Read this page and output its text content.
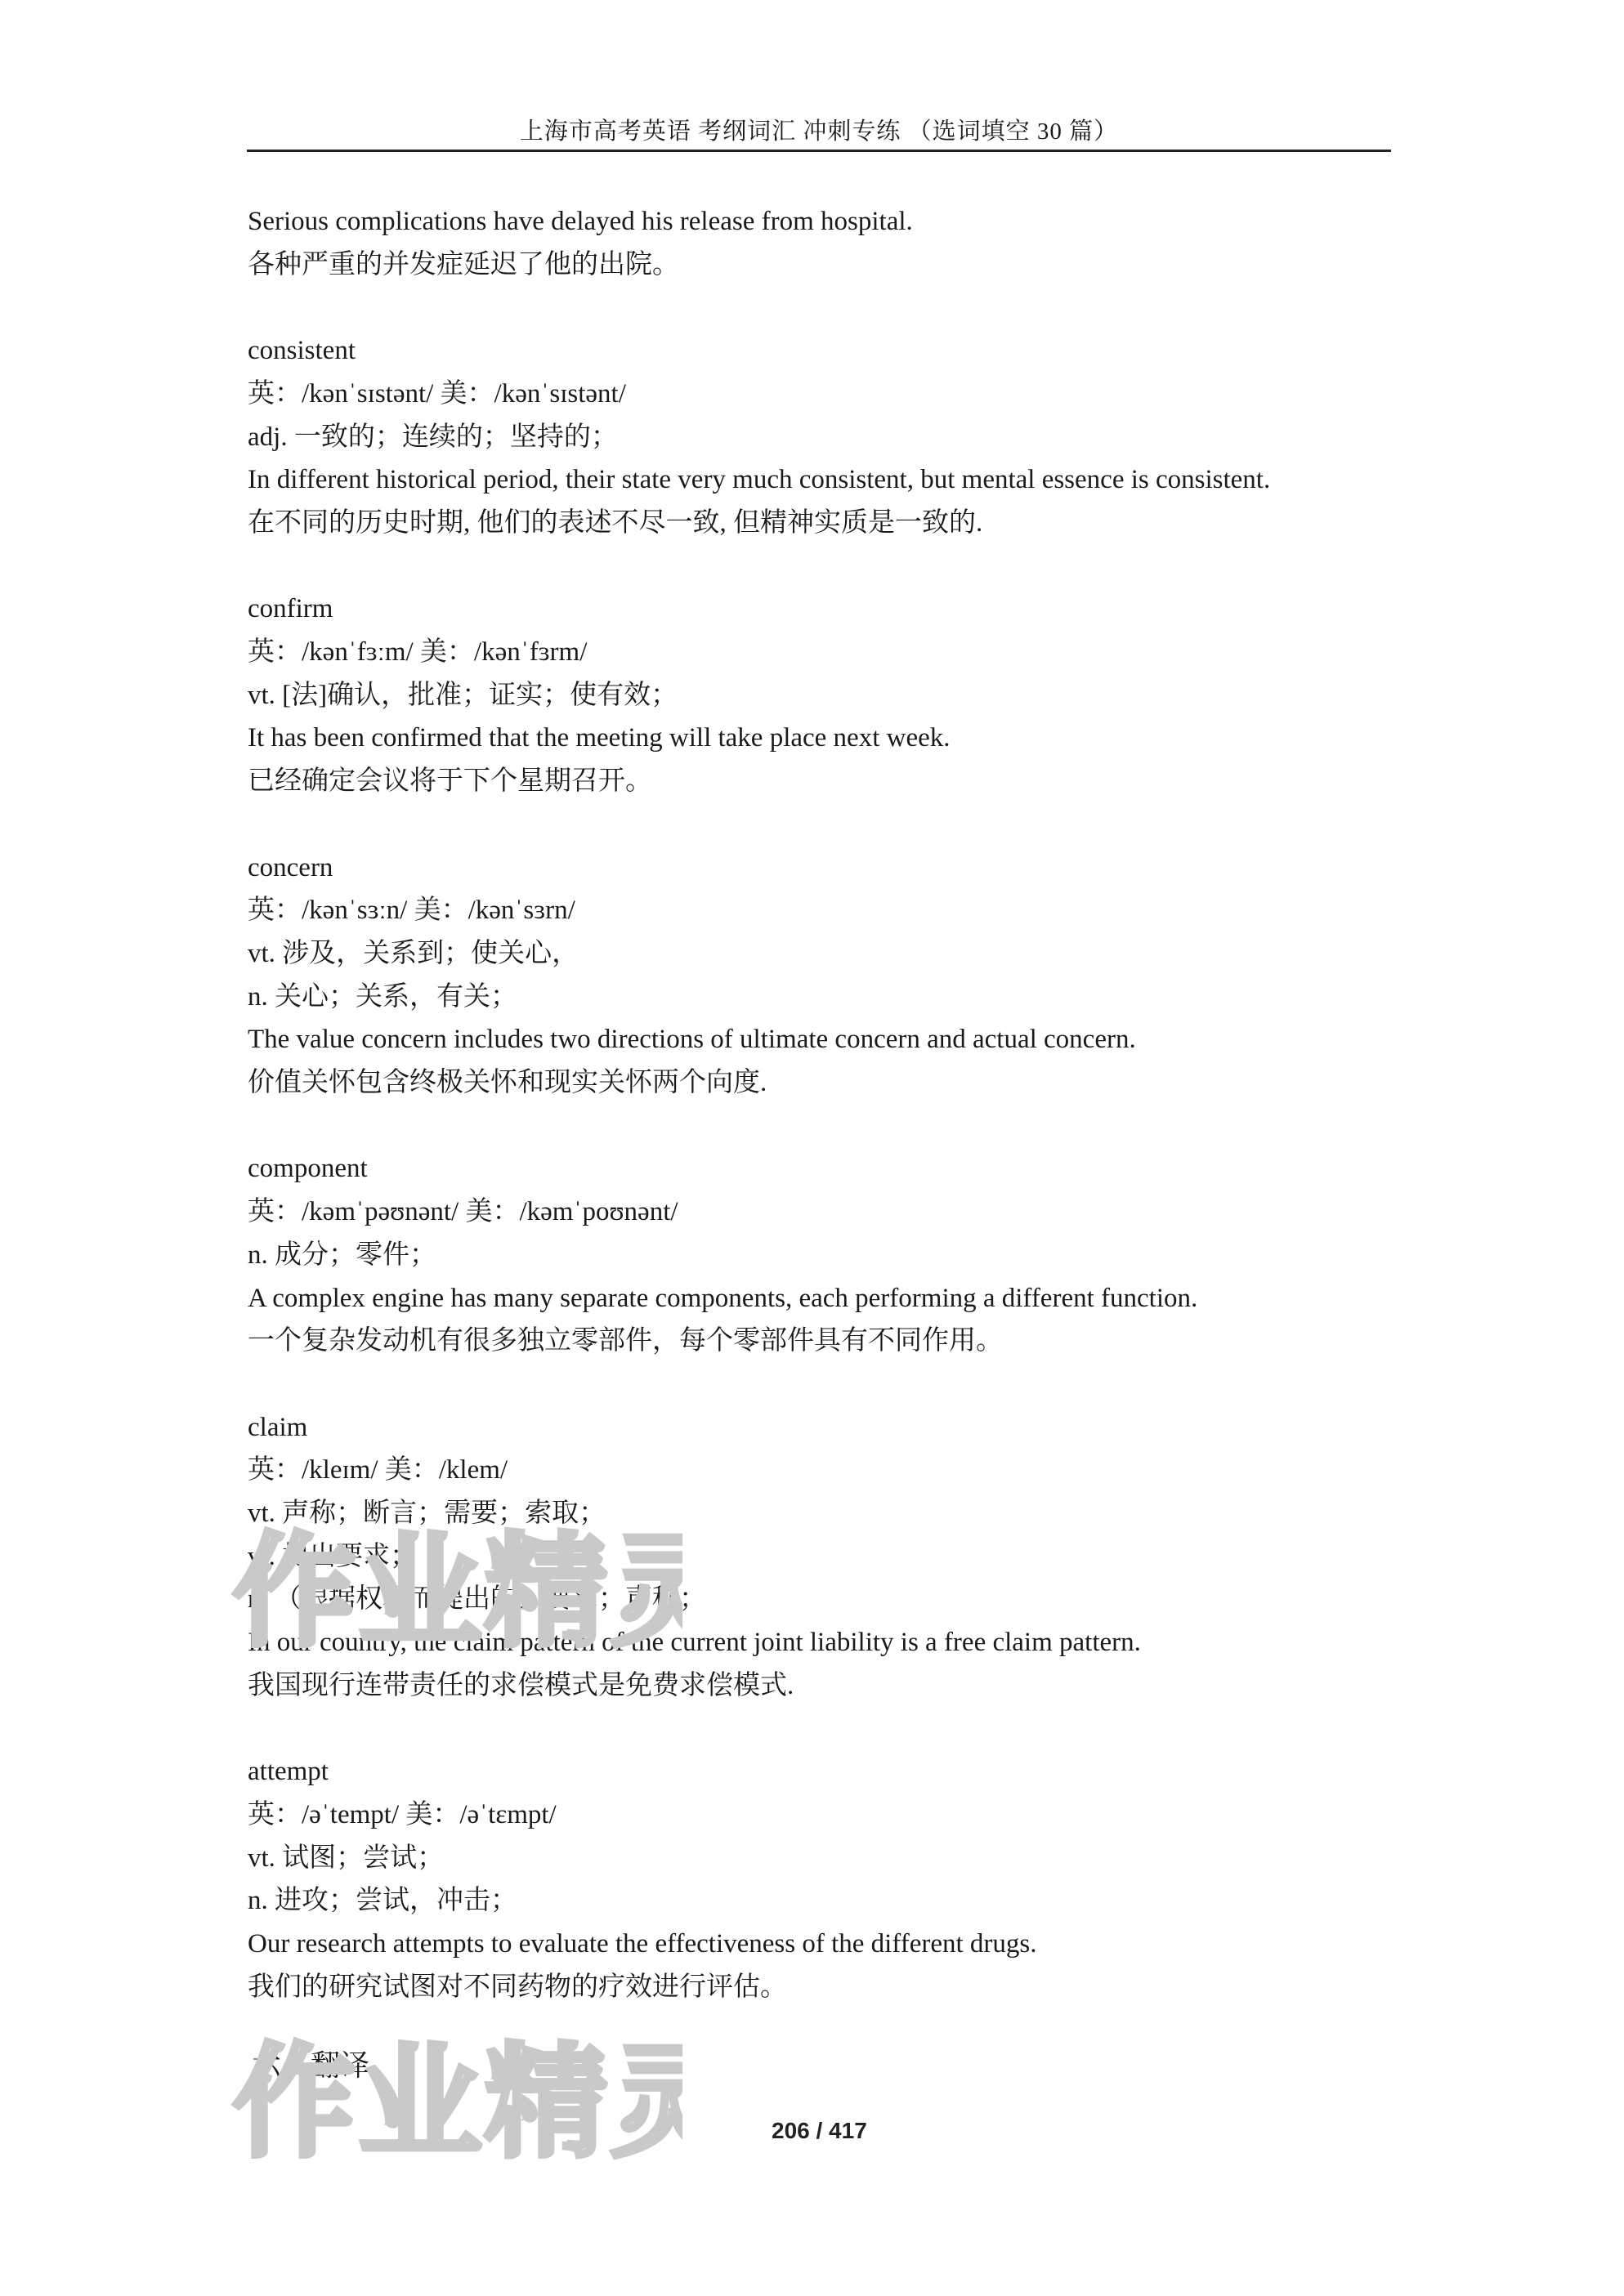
上海市高考英语 考纲词汇 冲刺专练 （选词填空 30 篇）
Serious complications have delayed his release from hospital.
各种严重的并发症延迟了他的出院。
consistent
英：/kənˈsɪstənt/ 美：/kənˈsɪstənt/
adj. 一致的；连续的；坚持的；
In different historical period, their state very much consistent, but mental essence is consistent.
在不同的历史时期, 他们的表述不尽一致, 但精神实质是一致的.
confirm
英：/kənˈfɜːm/ 美：/kənˈfɜrm/
vt. [法]确认，批准；证实；使有效；
It has been confirmed that the meeting will take place next week.
已经确定会议将于下个星期召开。
concern
英：/kənˈsɜːn/ 美：/kənˈsɜrn/
vt. 涉及，关系到；使关心，
n. 关心；关系，有关；
The value concern includes two directions of ultimate concern and actual concern.
价值关怀包含终极关怀和现实关怀两个向度.
component
英：/kəmˈpəʊnənt/ 美：/kəmˈpoʊnənt/
n. 成分；零件；
A complex engine has many separate components, each performing a different function.
一个复杂发动机有很多独立零部件，每个零部件具有不同作用。
claim
英：/kleɪm/ 美：/klem/
vt. 声称；断言；需要；索取；
vi. 提出要求；
n. （根据权利而提出的）要求；声称；
In our country, the claim pattern of the current joint liability is a free claim pattern.
我国现行连带责任的求偿模式是免费求偿模式.
attempt
英：/əˈtempt/ 美：/əˈtɛmpt/
vt. 试图；尝试；
n. 进攻；尝试，冲击；
Our research attempts to evaluate the effectiveness of the different drugs.
我们的研究试图对不同药物的疗效进行评估。
六、翻译
206 / 417
作业精灵
作业精灵
